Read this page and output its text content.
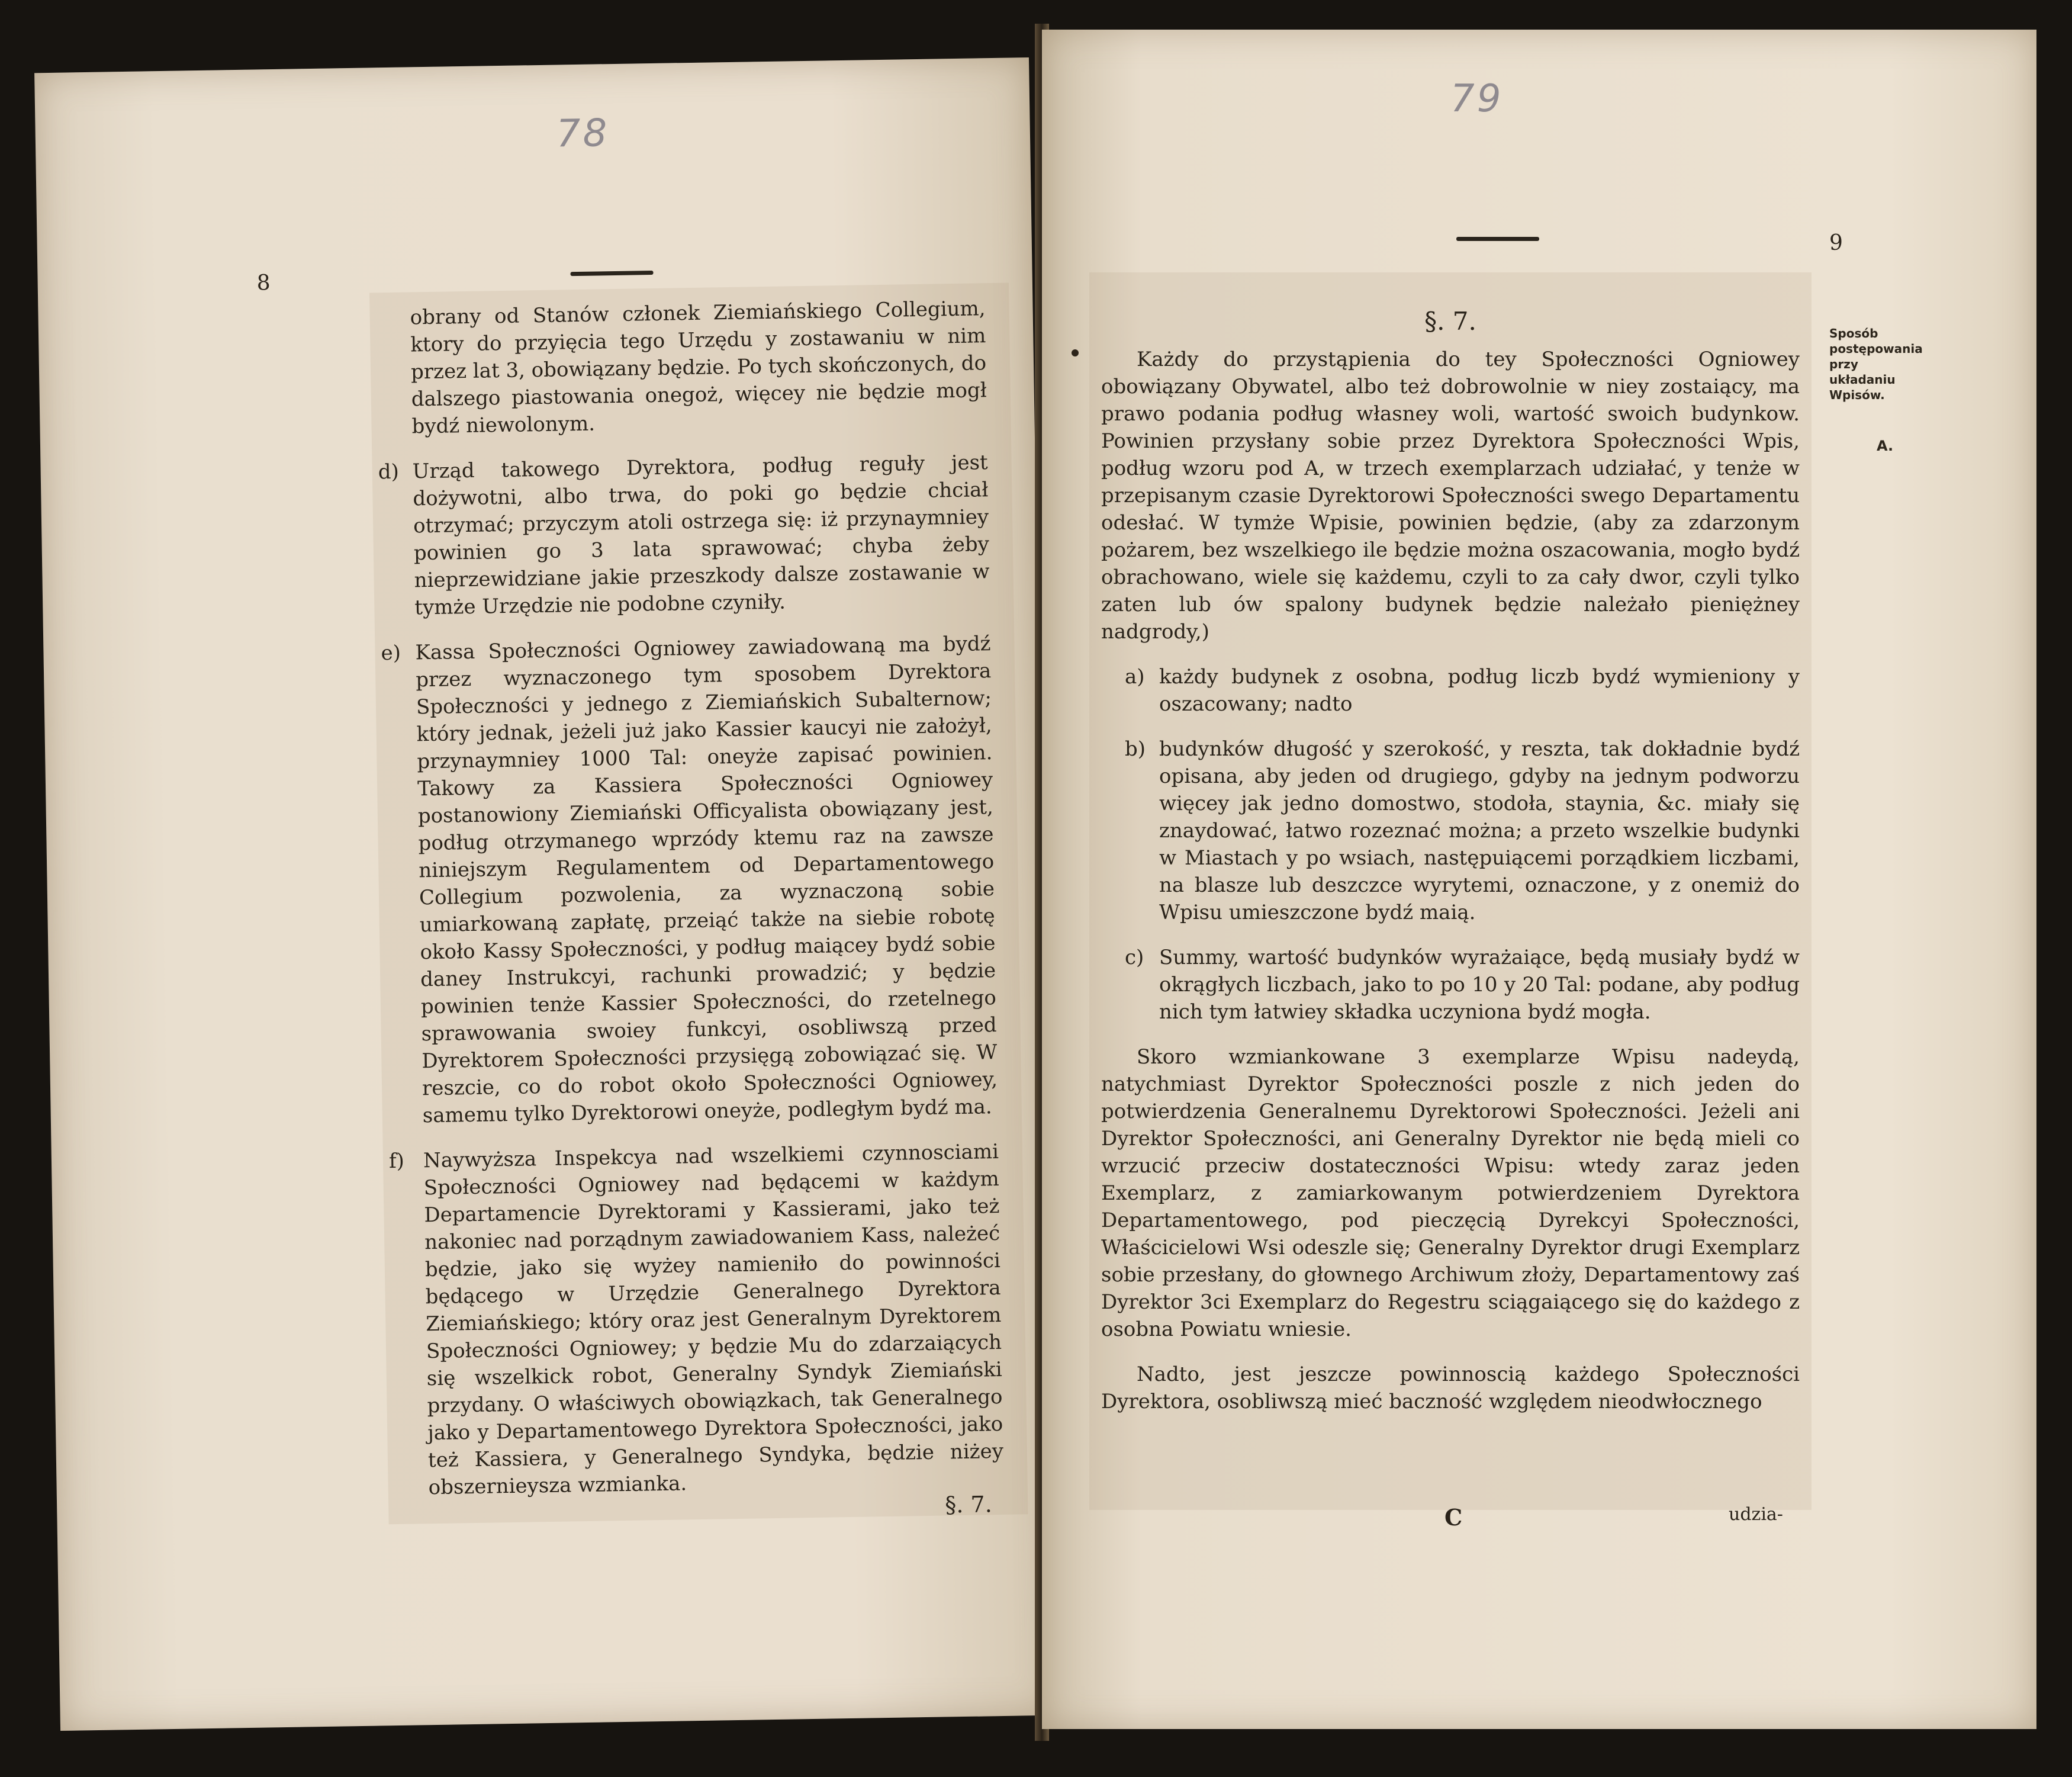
78
8

obrany od Stanów członek Ziemiańskiego Collegium, ktory do przyięcia tego Urzędu y zostawaniu w nim przez lat 3, obowiązany będzie. Po tych skończonych, do dalszego piastowania onegoż, więcey nie będzie mogł bydź niewolonym.

d) Urząd takowego Dyrektora, podług reguły jest dożywotni, albo trwa, do poki go będzie chciał otrzymać; przyczym atoli ostrzega się: iż przynaymniey powinien go 3 lata sprawować; chyba żeby nieprzewidziane jakie przeszkody dalsze zostawanie w tymże Urzędzie nie podobne czyniły.
e) Kassa Społeczności Ogniowey zawiadowaną ma bydź przez wyznaczonego tym sposobem Dyrektora Społeczności y jednego z Ziemiańskich Subalternow; który jednak, jeżeli już jako Kassier kaucyi nie założył, przynaymniey 1000 Tal: oneyże zapisać powinien. Takowy za Kassiera Społeczności Ogniowey postanowiony Ziemiański Officyalista obowiązany jest, podług otrzymanego wprzódy ktemu raz na zawsze niniejszym Regulamentem od Departamentowego Collegium pozwolenia, za wyznaczoną sobie umiarkowaną zapłatę, przeiąć także na siebie robotę około Kassy Społeczności, y podług maiącey bydź sobie daney Instrukcyi, rachunki prowadzić; y będzie powinien tenże Kassier Społeczności, do rzetelnego sprawowania swoiey funkcyi, osobliwszą przed Dyrektorem Społeczności przysięgą zobowiązać się. W reszcie, co do robot około Społeczności Ogniowey, samemu tylko Dyrektorowi oneyże, podległym bydź ma.
f) Naywyższa Inspekcya nad wszelkiemi czynnosciami Społeczności Ogniowey nad będącemi w każdym Departamencie Dyrektorami y Kassierami, jako też nakoniec nad porządnym zawiadowaniem Kass, należeć będzie, jako się wyżey namieniło do powinności będącego w Urzędzie Generalnego Dyrektora Ziemiańskiego; który oraz jest Generalnym Dyrektorem Społeczności Ogniowey; y będzie Mu do zdarzaiących się wszelkick robot, Generalny Syndyk Ziemiański przydany. O właściwych obowiązkach, tak Generalnego jako y Departamentowego Dyrektora Społeczności, jako też Kassiera, y Generalnego Syndyka, będzie niżey obszernieysza wzmianka.
§. 7.
79
9
Sposób postępowania przy układaniu Wpisów.
A.
§. 7.

Każdy do przystąpienia do tey Społeczności Ogniowey obowiązany Obywatel, albo też dobrowolnie w niey zostaiący, ma prawo podania podług własney woli, wartość swoich budynkow. Powinien przysłany sobie przez Dyrektora Społeczności Wpis, podług wzoru pod A, w trzech exemplarzach udziałać, y tenże w przepisanym czasie Dyrektorowi Społeczności swego Departamentu odesłać. W tymże Wpisie, powinien będzie, (aby za zdarzonym pożarem, bez wszelkiego ile będzie można oszacowania, mogło bydź obrachowano, wiele się każdemu, czyli to za cały dwor, czyli tylko zaten lub ów spalony budynek będzie należało pieniężney nadgrody,)

a) każdy budynek z osobna, podług liczb bydź wymieniony y oszacowany; nadto
b) budynków długość y szerokość, y reszta, tak dokładnie bydź opisana, aby jeden od drugiego, gdyby na jednym podworzu więcey jak jedno domostwo, stodoła, staynia, &c. miały się znaydować, łatwo rozeznać można; a przeto wszelkie budynki w Miastach y po wsiach, następuiącemi porządkiem liczbami, na blasze lub deszczce wyrytemi, oznaczone, y z onemiż do Wpisu umieszczone bydź maią.
c) Summy, wartość budynków wyrażaiące, będą musiały bydź w okrągłych liczbach, jako to po 10 y 20 Tal: podane, aby podług nich tym łatwiey składka uczyniona bydź mogła.

Skoro wzmiankowane 3 exemplarze Wpisu nadeydą, natychmiast Dyrektor Społeczności poszle z nich jeden do potwierdzenia Generalnemu Dyrektorowi Społeczności. Jeżeli ani Dyrektor Społeczności, ani Generalny Dyrektor nie będą mieli co wrzucić przeciw dostateczności Wpisu: wtedy zaraz jeden Exemplarz, z zamiarkowanym potwierdzeniem Dyrektora Departamentowego, pod pieczęcią Dyrekcyi Społeczności, Właścicielowi Wsi odeszle się; Generalny Dyrektor drugi Exemplarz sobie przesłany, do głownego Archiwum złoży, Departamentowy zaś Dyrektor 3ci Exemplarz do Regestru sciągaiącego się do każdego z osobna Powiatu wniesie.

Nadto, jest jeszcze powinnoscią każdego Społeczności Dyrektora, osobliwszą mieć baczność względem nieodwłocznego

C	udzia-
